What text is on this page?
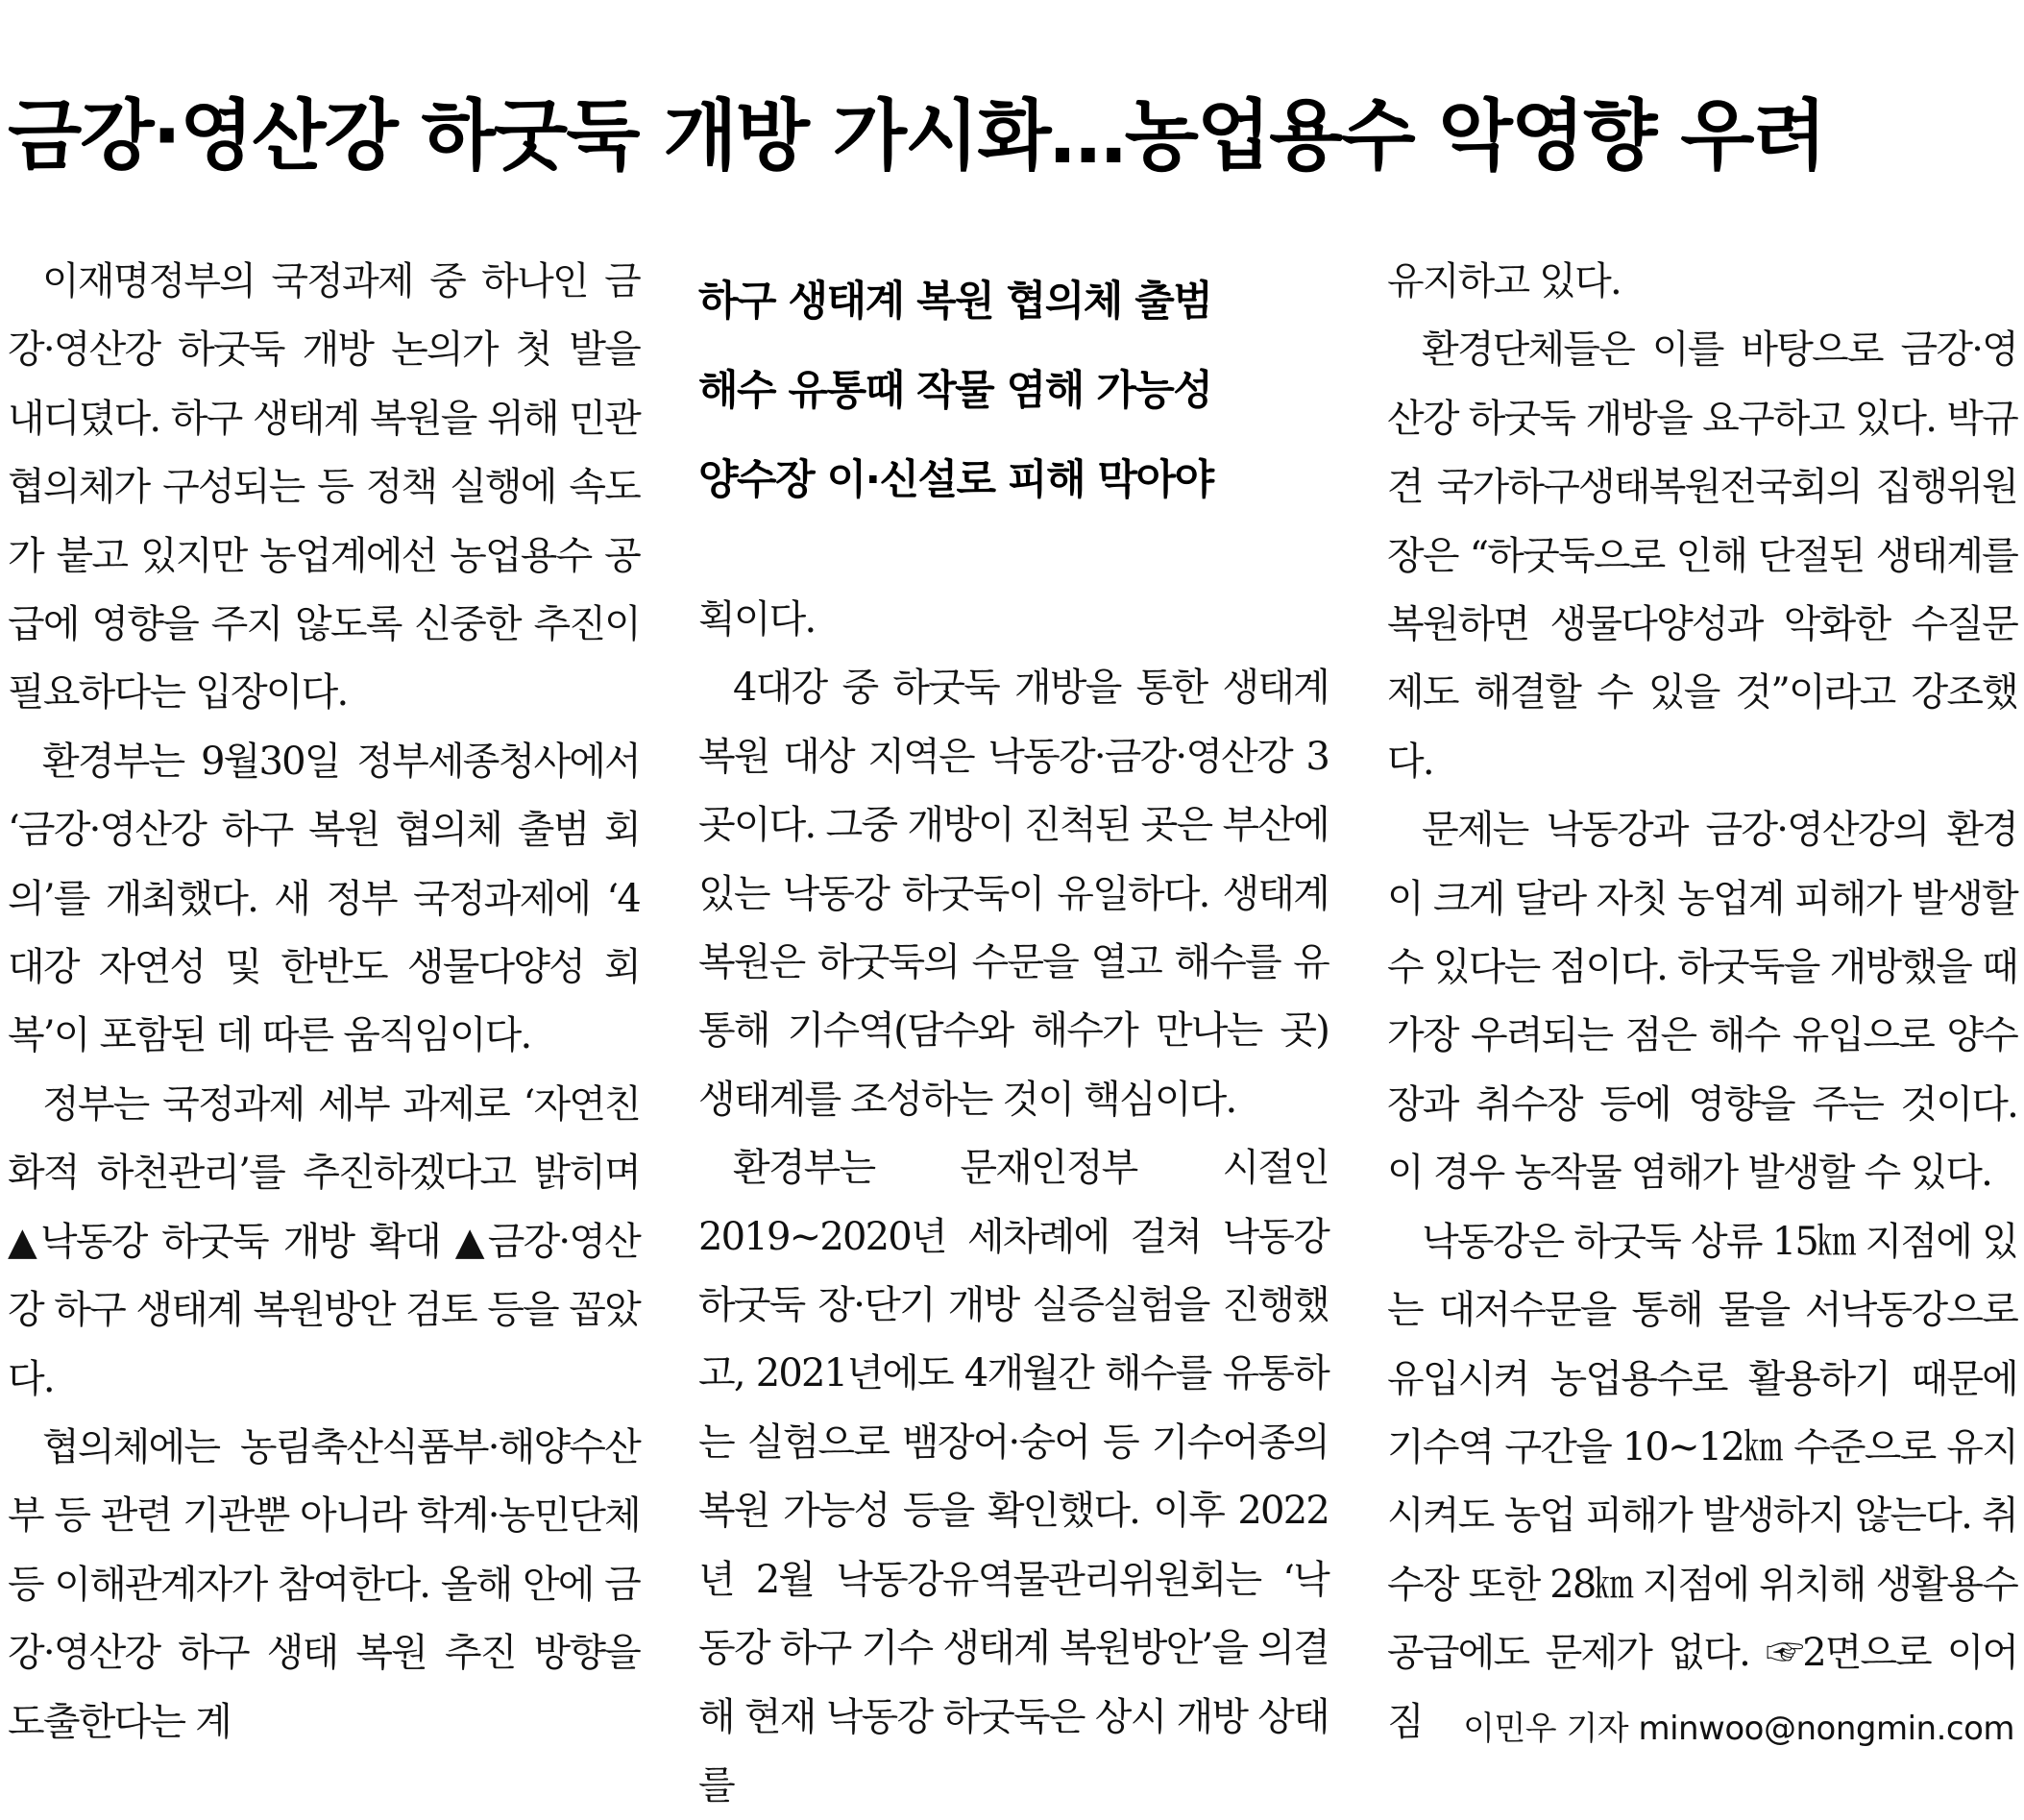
금강·영산강 하굿둑 개방 가시화…농업용수 악영향 우려
하구 생태계 복원 협의체 출범
해수 유통때 작물 염해 가능성
양수장 이·신설로 피해 막아야

이재명정부의 국정과제 중 하나인 금강·영산강 하굿둑 개방 논의가 첫 발을 내디뎠다. 하구 생태계 복원을 위해 민관 협의체가 구성되는 등 정책 실행에 속도가 붙고 있지만 농업계에선 농업용수 공급에 영향을 주지 않도록 신중한 추진이 필요하다는 입장이다.

환경부는 9월30일 정부세종청사에서 ‘금강·영산강 하구 복원 협의체 출범 회의’를 개최했다. 새 정부 국정과제에 ‘4대강 자연성 및 한반도 생물다양성 회복’이 포함된 데 따른 움직임이다.

정부는 국정과제 세부 과제로 ‘자연친화적 하천관리’를 추진하겠다고 밝히며 ▲낙동강 하굿둑 개방 확대 ▲금강·영산강 하구 생태계 복원방안 검토 등을 꼽았다.

협의체에는 농림축산식품부·해양수산부 등 관련 기관뿐 아니라 학계·농민단체 등 이해관계자가 참여한다. 올해 안에 금강·영산강 하구 생태 복원 추진 방향을 도출한다는 계

획이다.

4대강 중 하굿둑 개방을 통한 생태계 복원 대상 지역은 낙동강·금강·영산강 3곳이다. 그중 개방이 진척된 곳은 부산에 있는 낙동강 하굿둑이 유일하다. 생태계 복원은 하굿둑의 수문을 열고 해수를 유통해 기수역(담수와 해수가 만나는 곳) 생태계를 조성하는 것이 핵심이다.

환경부는 문재인정부 시절인 2019∼2020년 세차례에 걸쳐 낙동강 하굿둑 장·단기 개방 실증실험을 진행했고, 2021년에도 4개월간 해수를 유통하는 실험으로 뱀장어·숭어 등 기수어종의 복원 가능성 등을 확인했다. 이후 2022년 2월 낙동강유역물관리위원회는 ‘낙동강 하구 기수 생태계 복원방안’을 의결해 현재 낙동강 하굿둑은 상시 개방 상태를

유지하고 있다.

환경단체들은 이를 바탕으로 금강·영산강 하굿둑 개방을 요구하고 있다. 박규견 국가하구생태복원전국회의 집행위원장은 “하굿둑으로 인해 단절된 생태계를 복원하면 생물다양성과 악화한 수질문제도 해결할 수 있을 것”이라고 강조했다.

문제는 낙동강과 금강·영산강의 환경이 크게 달라 자칫 농업계 피해가 발생할 수 있다는 점이다. 하굿둑을 개방했을 때 가장 우려되는 점은 해수 유입으로 양수장과 취수장 등에 영향을 주는 것이다. 이 경우 농작물 염해가 발생할 수 있다.

낙동강은 하굿둑 상류 15㎞ 지점에 있는 대저수문을 통해 물을 서낙동강으로 유입시켜 농업용수로 활용하기 때문에 기수역 구간을 10∼12㎞ 수준으로 유지시켜도 농업 피해가 발생하지 않는다. 취수장 또한 28㎞ 지점에 위치해 생활용수 공급에도 문제가 없다. ☞2면으로 이어짐	이민우 기자 minwoo@nongmin.com
